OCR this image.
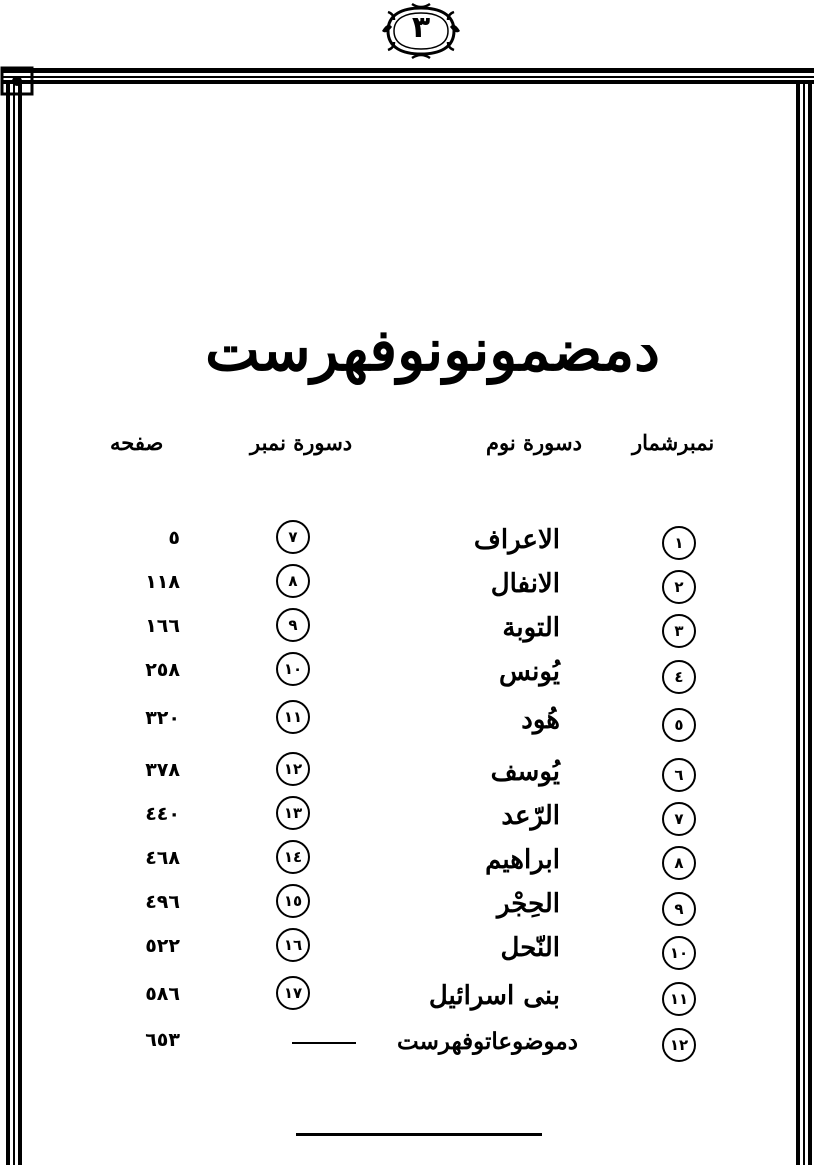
٣
دمضمونونوفهرست
نمبرشمار
دسورة نوم
دسورة نمبر
صفحه
١
الاعراف
٧
٥
٢
الانفال
٨
١١٨
٣
التوبة
٩
١٦٦
٤
يُونس
١٠
٢٥٨
٥
هُود
١١
٣٢٠
٦
يُوسف
١٢
٣٧٨
٧
الرّعد
١٣
٤٤٠
٨
ابراهيم
١٤
٤٦٨
٩
الحِجْر
١٥
٤٩٦
١٠
النّحل
١٦
٥٢٢
١١
بنى اسرائيل
١٧
٥٨٦
١٢
دموضوعاتوفهرست
٦٥٣
